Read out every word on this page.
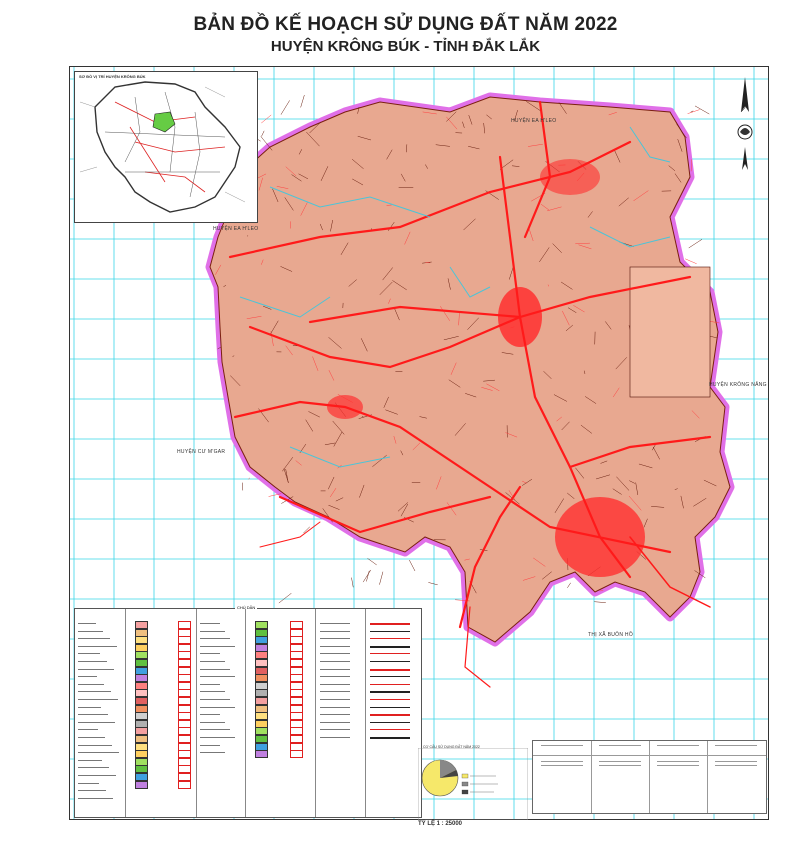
BẢN ĐỒ KẾ HOẠCH SỬ DỤNG ĐẤT NĂM 2022
HUYỆN KRÔNG BÚK - TỈNH ĐẮK LẮK
HUYỆN EA H'LEO
HUYỆN EA H'LEO
HUYỆN CƯ M'GAR
HUYỆN KRÔNG NĂNG
THỊ XÃ BUÔN HỒ
SƠ ĐỒ VỊ TRÍ HUYỆN KRÔNG BÚK
CHÚ DẪN
CƠ CẤU SỬ DỤNG ĐẤT NĂM 2022
TỶ LỆ 1 : 25000
